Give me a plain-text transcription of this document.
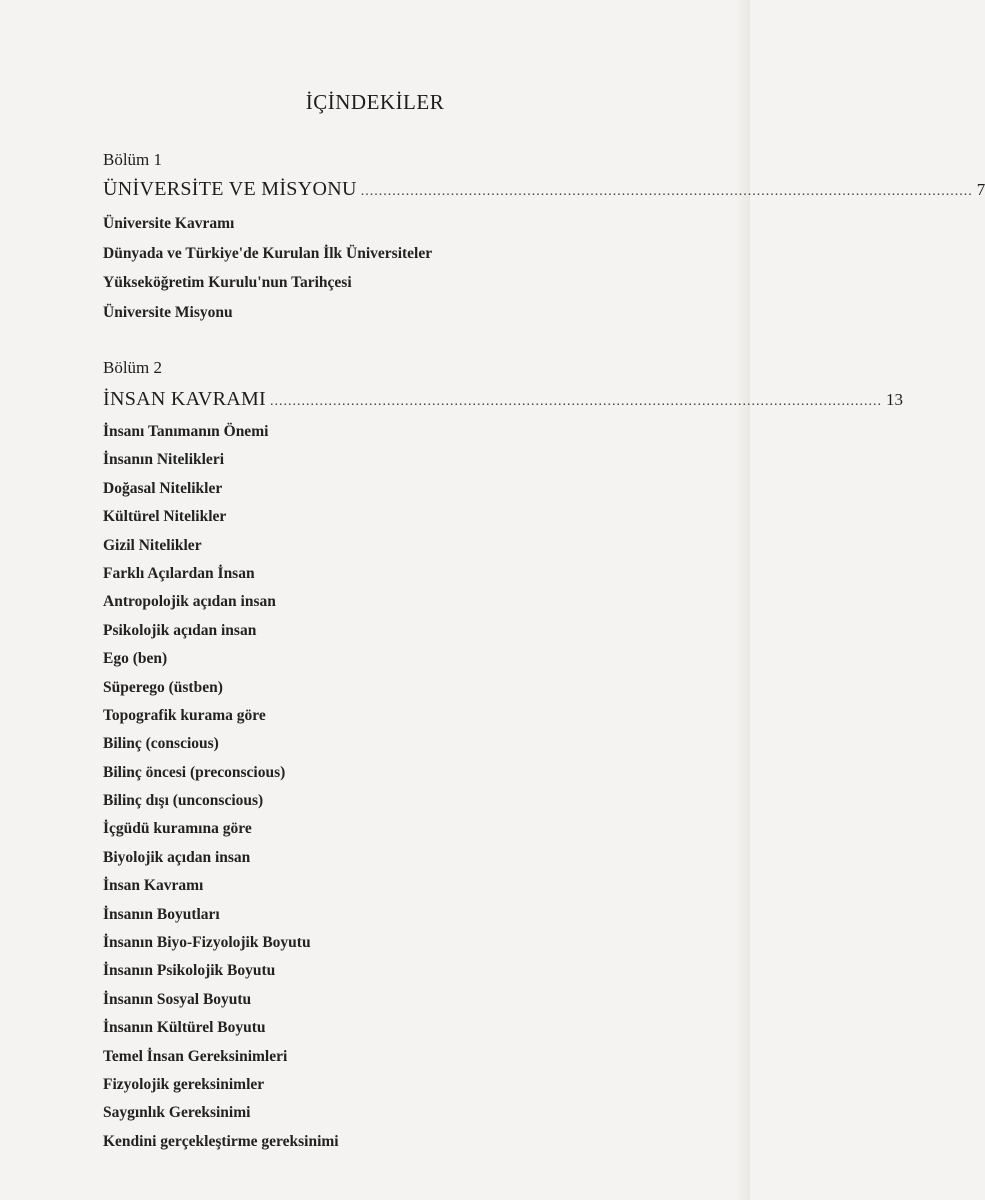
İÇİNDEKİLER
Bölüm 1
ÜNİVERSİTE VE MİSYONU ........................................................................................................................................ 7
Üniversite Kavramı
Dünyada ve Türkiye'de Kurulan İlk Üniversiteler
Yükseköğretim Kurulu'nun Tarihçesi
Üniversite Misyonu
Bölüm 2
İNSAN KAVRAMI ........................................................................................................................................ 13
İnsanı Tanımanın Önemi
İnsanın Nitelikleri
Doğasal Nitelikler
Kültürel Nitelikler
Gizil Nitelikler
Farklı Açılardan İnsan
Antropolojik açıdan insan
Psikolojik açıdan insan
Ego (ben)
Süperego (üstben)
Topografik kurama göre
Bilinç (conscious)
Bilinç öncesi (preconscious)
Bilinç dışı (unconscious)
İçgüdü kuramına göre
Biyolojik açıdan insan
İnsan Kavramı
İnsanın Boyutları
İnsanın Biyo-Fizyolojik Boyutu
İnsanın Psikolojik Boyutu
İnsanın Sosyal Boyutu
İnsanın Kültürel Boyutu
Temel İnsan Gereksinimleri
Fizyolojik gereksinimler
Saygınlık Gereksinimi
Kendini gerçekleştirme gereksinimi
